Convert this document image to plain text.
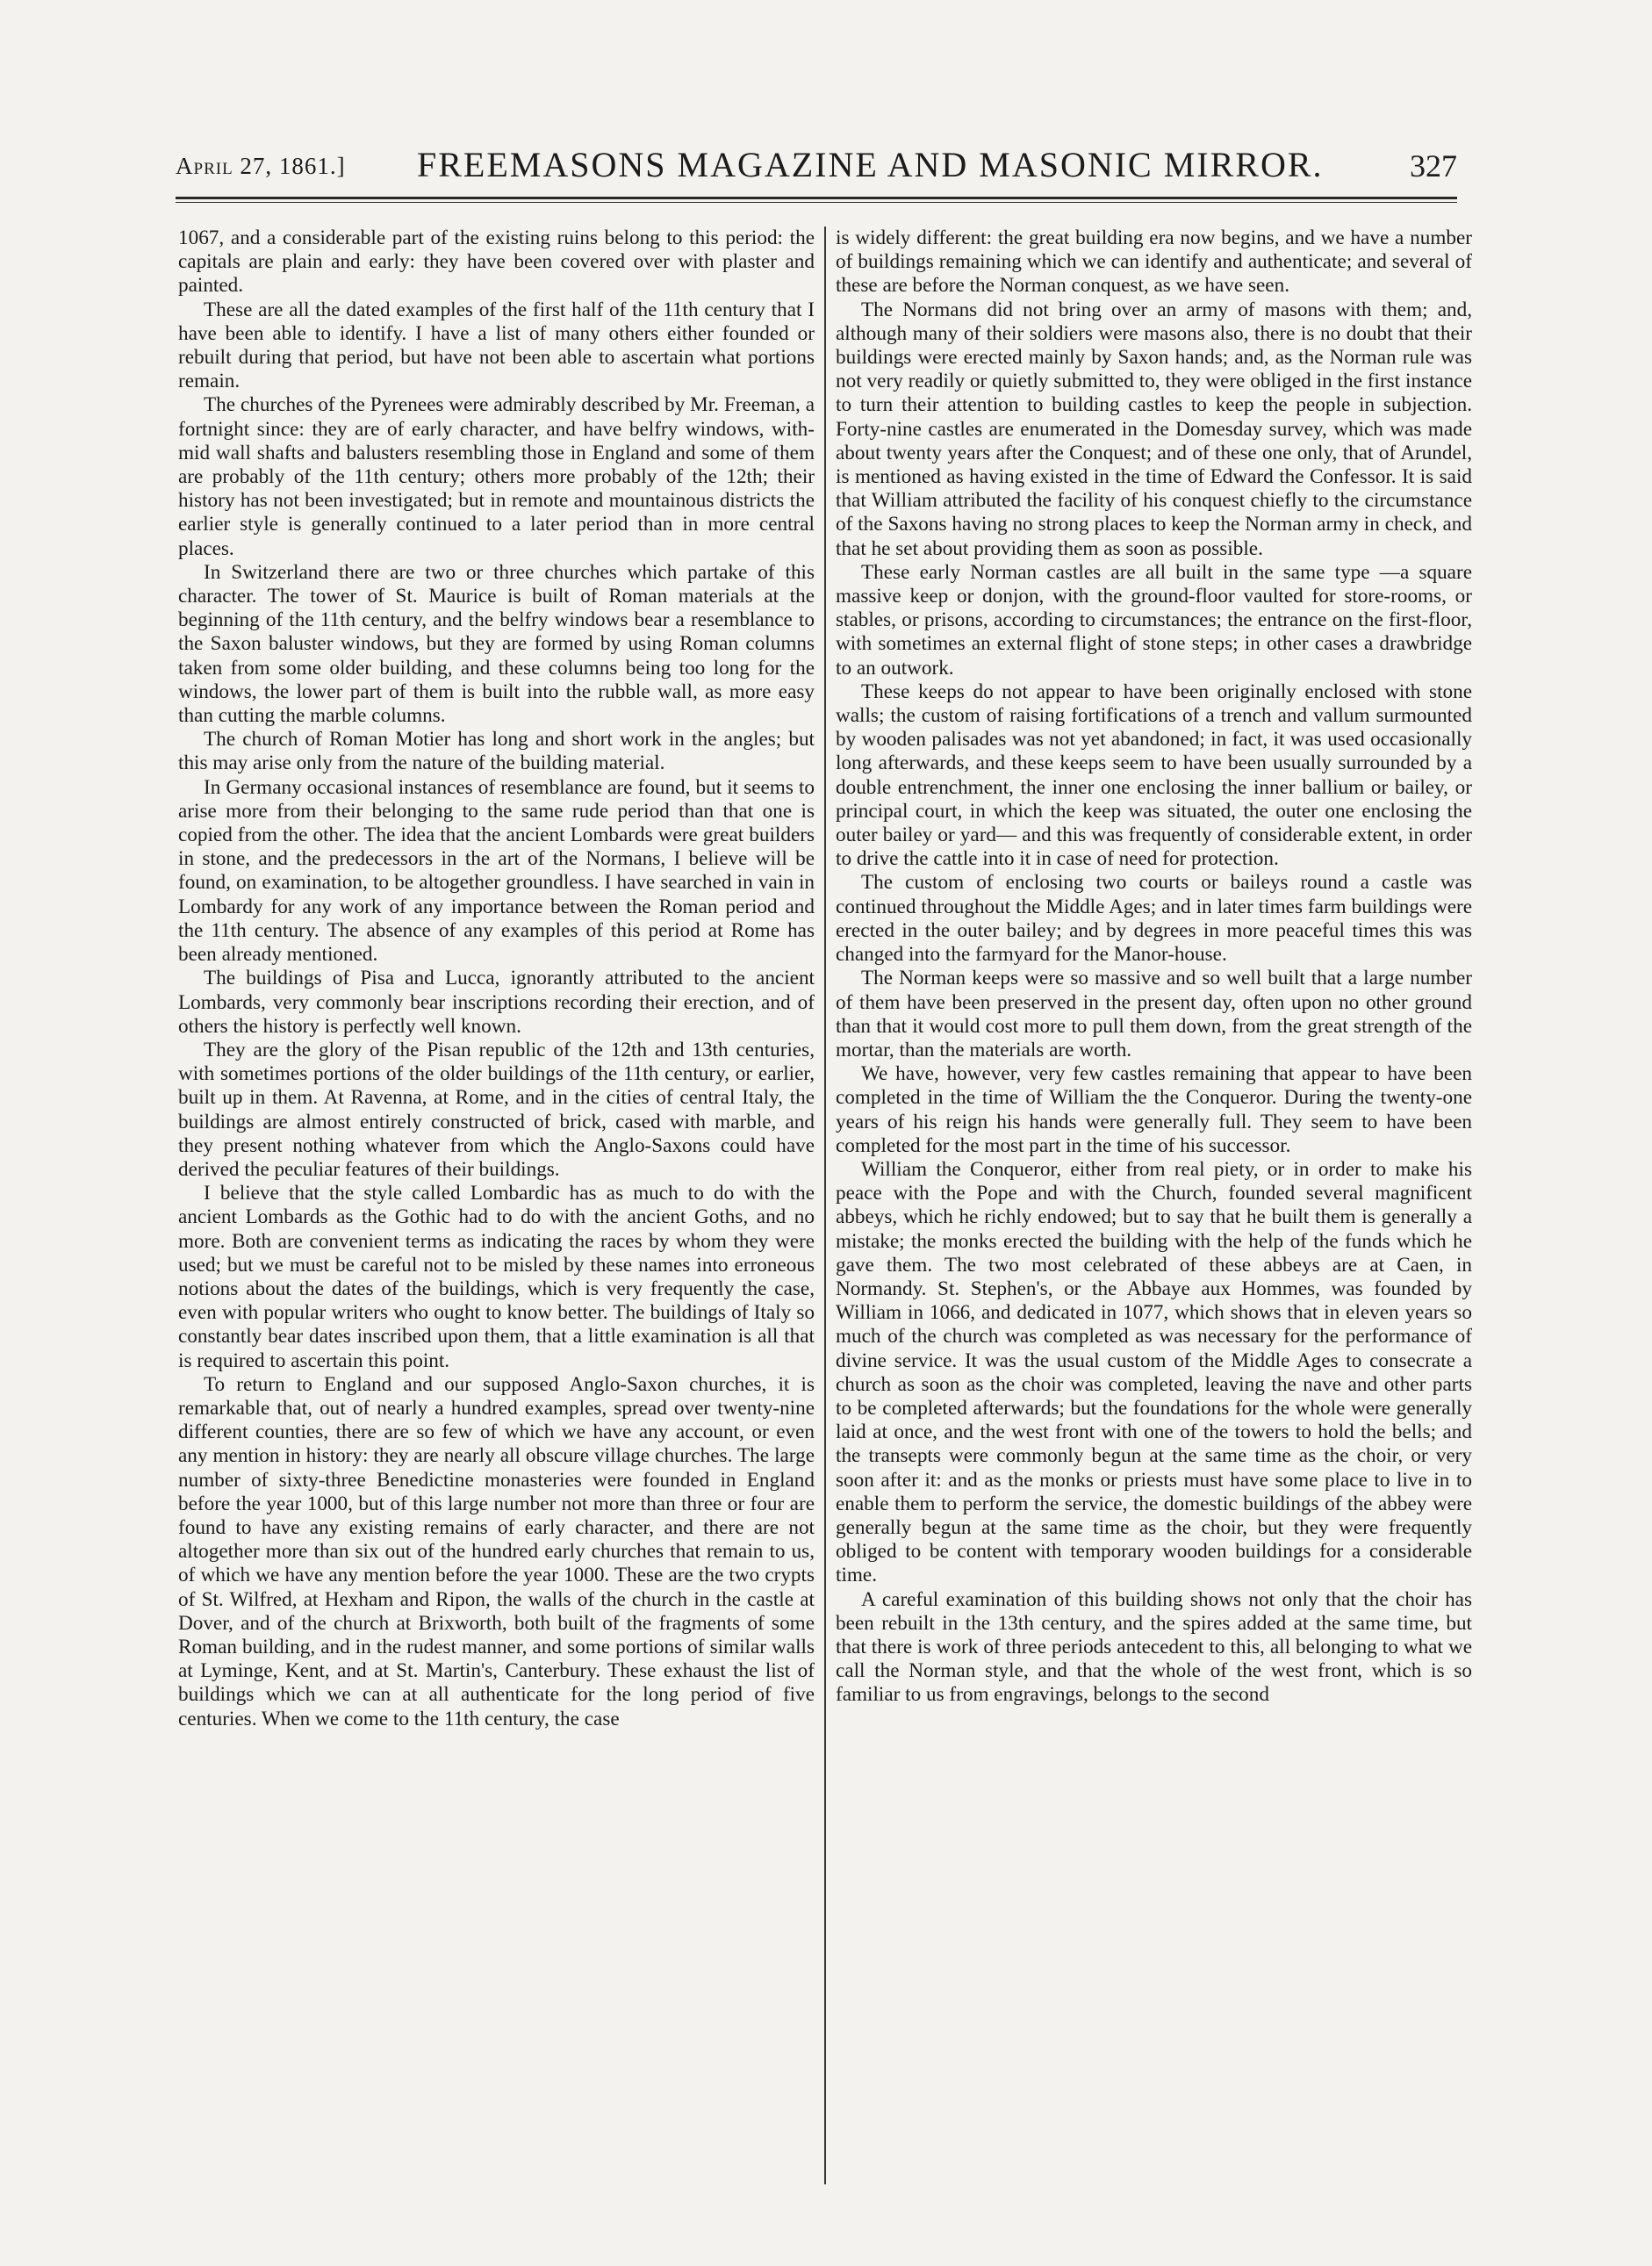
April 27, 1861.] FREEMASONS MAGAZINE AND MASONIC MIRROR.	327

1067, and a considerable part of the existing ruins belong to this period: the capitals are plain and early: they have been covered over with plaster and painted.

These are all the dated examples of the first half of the 11th century that I have been able to identify. I have a list of many others either founded or rebuilt during that period, but have not been able to ascertain what portions remain.

The churches of the Pyrenees were admirably described by Mr. Freeman, a fortnight since: they are of early character, and have belfry windows, with-mid wall shafts and balusters resembling those in England and some of them are probably of the 11th century; others more probably of the 12th; their history has not been investigated; but in remote and mountainous districts the earlier style is generally continued to a later period than in more central places.

In Switzerland there are two or three churches which partake of this character. The tower of St. Maurice is built of Roman materials at the beginning of the 11th century, and the belfry windows bear a resemblance to the Saxon baluster windows, but they are formed by using Roman columns taken from some older building, and these columns being too long for the windows, the lower part of them is built into the rubble wall, as more easy than cutting the marble columns.

The church of Roman Motier has long and short work in the angles; but this may arise only from the nature of the building material.

In Germany occasional instances of resemblance are found, but it seems to arise more from their belonging to the same rude period than that one is copied from the other. The idea that the ancient Lombards were great builders in stone, and the predecessors in the art of the Normans, I believe will be found, on examination, to be altogether groundless. I have searched in vain in Lombardy for any work of any importance between the Roman period and the 11th century. The absence of any examples of this period at Rome has been already mentioned.

The buildings of Pisa and Lucca, ignorantly attributed to the ancient Lombards, very commonly bear inscriptions recording their erection, and of others the history is perfectly well known.

They are the glory of the Pisan republic of the 12th and 13th centuries, with sometimes portions of the older buildings of the 11th century, or earlier, built up in them. At Ravenna, at Rome, and in the cities of central Italy, the buildings are almost entirely constructed of brick, cased with marble, and they present nothing whatever from which the Anglo-Saxons could have derived the peculiar features of their buildings.

I believe that the style called Lombardic has as much to do with the ancient Lombards as the Gothic had to do with the ancient Goths, and no more. Both are convenient terms as indicating the races by whom they were used; but we must be careful not to be misled by these names into erroneous notions about the dates of the buildings, which is very frequently the case, even with popular writers who ought to know better. The buildings of Italy so constantly bear dates inscribed upon them, that a little examination is all that is required to ascertain this point.

To return to England and our supposed Anglo-Saxon churches, it is remarkable that, out of nearly a hundred examples, spread over twenty-nine different counties, there are so few of which we have any account, or even any mention in history: they are nearly all obscure village churches. The large number of sixty-three Benedictine monasteries were founded in England before the year 1000, but of this large number not more than three or four are found to have any existing remains of early character, and there are not altogether more than six out of the hundred early churches that remain to us, of which we have any mention before the year 1000. These are the two crypts of St. Wilfred, at Hexham and Ripon, the walls of the church in the castle at Dover, and of the church at Brixworth, both built of the fragments of some Roman building, and in the rudest manner, and some portions of similar walls at Lyminge, Kent, and at St. Martin's, Canterbury. These exhaust the list of buildings which we can at all authenticate for the long period of five centuries. When we come to the 11th century, the case

is widely different: the great building era now begins, and we have a number of buildings remaining which we can identify and authenticate; and several of these are before the Norman conquest, as we have seen.

The Normans did not bring over an army of masons with them; and, although many of their soldiers were masons also, there is no doubt that their buildings were erected mainly by Saxon hands; and, as the Norman rule was not very readily or quietly submitted to, they were obliged in the first instance to turn their attention to building castles to keep the people in subjection. Forty-nine castles are enumerated in the Domesday survey, which was made about twenty years after the Conquest; and of these one only, that of Arundel, is mentioned as having existed in the time of Edward the Confessor. It is said that William attributed the facility of his conquest chiefly to the circumstance of the Saxons having no strong places to keep the Norman army in check, and that he set about providing them as soon as possible.

These early Norman castles are all built in the same type —a square massive keep or donjon, with the ground-floor vaulted for store-rooms, or stables, or prisons, according to circumstances; the entrance on the first-floor, with sometimes an external flight of stone steps; in other cases a drawbridge to an outwork.

These keeps do not appear to have been originally enclosed with stone walls; the custom of raising fortifications of a trench and vallum surmounted by wooden palisades was not yet abandoned; in fact, it was used occasionally long afterwards, and these keeps seem to have been usually surrounded by a double entrenchment, the inner one enclosing the inner ballium or bailey, or principal court, in which the keep was situated, the outer one enclosing the outer bailey or yard— and this was frequently of considerable extent, in order to drive the cattle into it in case of need for protection.

The custom of enclosing two courts or baileys round a castle was continued throughout the Middle Ages; and in later times farm buildings were erected in the outer bailey; and by degrees in more peaceful times this was changed into the farmyard for the Manor-house.

The Norman keeps were so massive and so well built that a large number of them have been preserved in the present day, often upon no other ground than that it would cost more to pull them down, from the great strength of the mortar, than the materials are worth.

We have, however, very few castles remaining that appear to have been completed in the time of William the the Conqueror. During the twenty-one years of his reign his hands were generally full. They seem to have been completed for the most part in the time of his successor.

William the Conqueror, either from real piety, or in order to make his peace with the Pope and with the Church, founded several magnificent abbeys, which he richly endowed; but to say that he built them is generally a mistake; the monks erected the building with the help of the funds which he gave them. The two most celebrated of these abbeys are at Caen, in Normandy. St. Stephen's, or the Abbaye aux Hommes, was founded by William in 1066, and dedicated in 1077, which shows that in eleven years so much of the church was completed as was necessary for the performance of divine service. It was the usual custom of the Middle Ages to consecrate a church as soon as the choir was completed, leaving the nave and other parts to be completed afterwards; but the foundations for the whole were generally laid at once, and the west front with one of the towers to hold the bells; and the transepts were commonly begun at the same time as the choir, or very soon after it: and as the monks or priests must have some place to live in to enable them to perform the service, the domestic buildings of the abbey were generally begun at the same time as the choir, but they were frequently obliged to be content with temporary wooden buildings for a considerable time.

A careful examination of this building shows not only that the choir has been rebuilt in the 13th century, and the spires added at the same time, but that there is work of three periods antecedent to this, all belonging to what we call the Norman style, and that the whole of the west front, which is so familiar to us from engravings, belongs to the second
